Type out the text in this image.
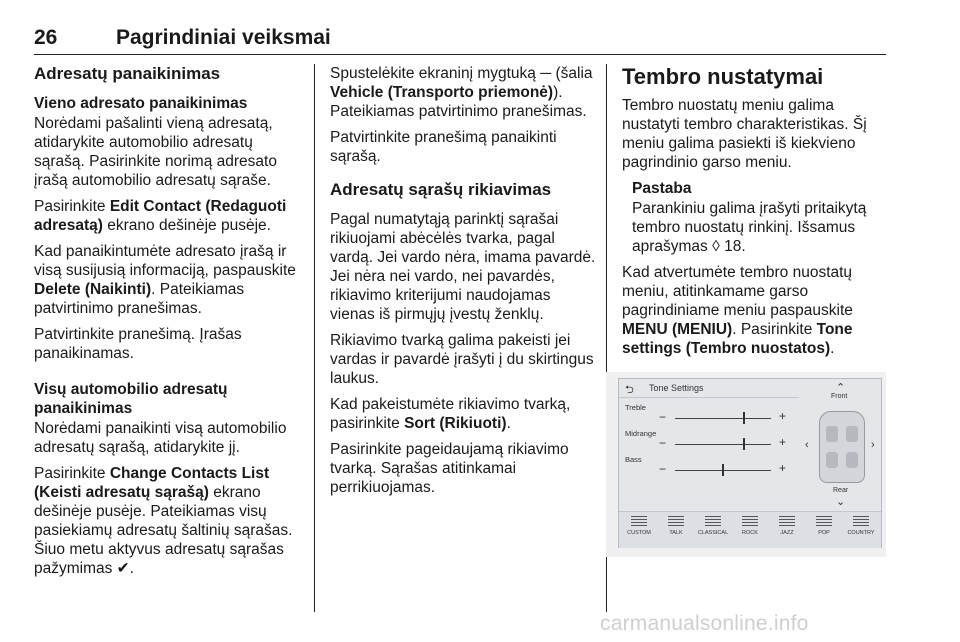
26	Pagrindiniai veiksmai
Adresatų panaikinimas
Vieno adresato panaikinimas

Norėdami pašalinti vieną adresatą, atidarykite automobilio adresatų sąrašą. Pasirinkite norimą adresato įrašą automobilio adresatų sąraše.

Pasirinkite Edit Contact (Redaguoti adresatą) ekrano dešinėje pusėje.

Kad panaikintumėte adresato įrašą ir visą susijusią informaciją, paspauskite Delete (Naikinti). Pateikiamas patvirtinimo pranešimas.

Patvirtinkite pranešimą. Įrašas panaikinamas.

Visų automobilio adresatų panaikinimas

Norėdami panaikinti visą automobilio adresatų sąrašą, atidarykite jį.

Pasirinkite Change Contacts List (Keisti adresatų sąrašą) ekrano dešinėje pusėje. Pateikiamas visų pasiekiamų adresatų šaltinių sąrašas. Šiuo metu aktyvus adresatų sąrašas pažymimas ✔.

Spustelėkite ekraninį mygtuką ─ (šalia Vehicle (Transporto priemonė)). Pateikiamas patvirtinimo pranešimas.

Patvirtinkite pranešimą panaikinti sąrašą.

Adresatų sąrašų rikiavimas

Pagal numatytąją parinktį sąrašai rikiuojami abėcėlės tvarka, pagal vardą. Jei vardo nėra, imama pavardė. Jei nėra nei vardo, nei pavardės, rikiavimo kriterijumi naudojamas vienas iš pirmųjų įvestų ženklų.

Rikiavimo tvarką galima pakeisti jei vardas ir pavardė įrašyti į du skirtingus laukus.

Kad pakeistumėte rikiavimo tvarką, pasirinkite Sort (Rikiuoti).

Pasirinkite pageidaujamą rikiavimo tvarką. Sąrašas atitinkamai perrikiuojamas.

Tembro nustatymai

Tembro nuostatų meniu galima nustatyti tembro charakteristikas. Šį meniu galima pasiekti iš kiekvieno pagrindinio garso meniu.

Pastaba

Parankiniu galima įrašyti pritaikytą tembro nuostatų rinkinį. Išsamus aprašymas ◊ 18.

Kad atvertumėte tembro nuostatų meniu, atitinkamame garso pagrindiniame meniu paspauskite MENU (MENIU). Pasirinkite Tone settings (Tembro nuostatos).

⮌	Tone Settings
Treble
−	+
Midrange
−	+
Bass
−	+
⌃
Front
‹	›
Rear
⌄
CUSTOM	TALK	CLASSICAL	ROCK	JAZZ	POP	COUNTRY
carmanualsonline.info
